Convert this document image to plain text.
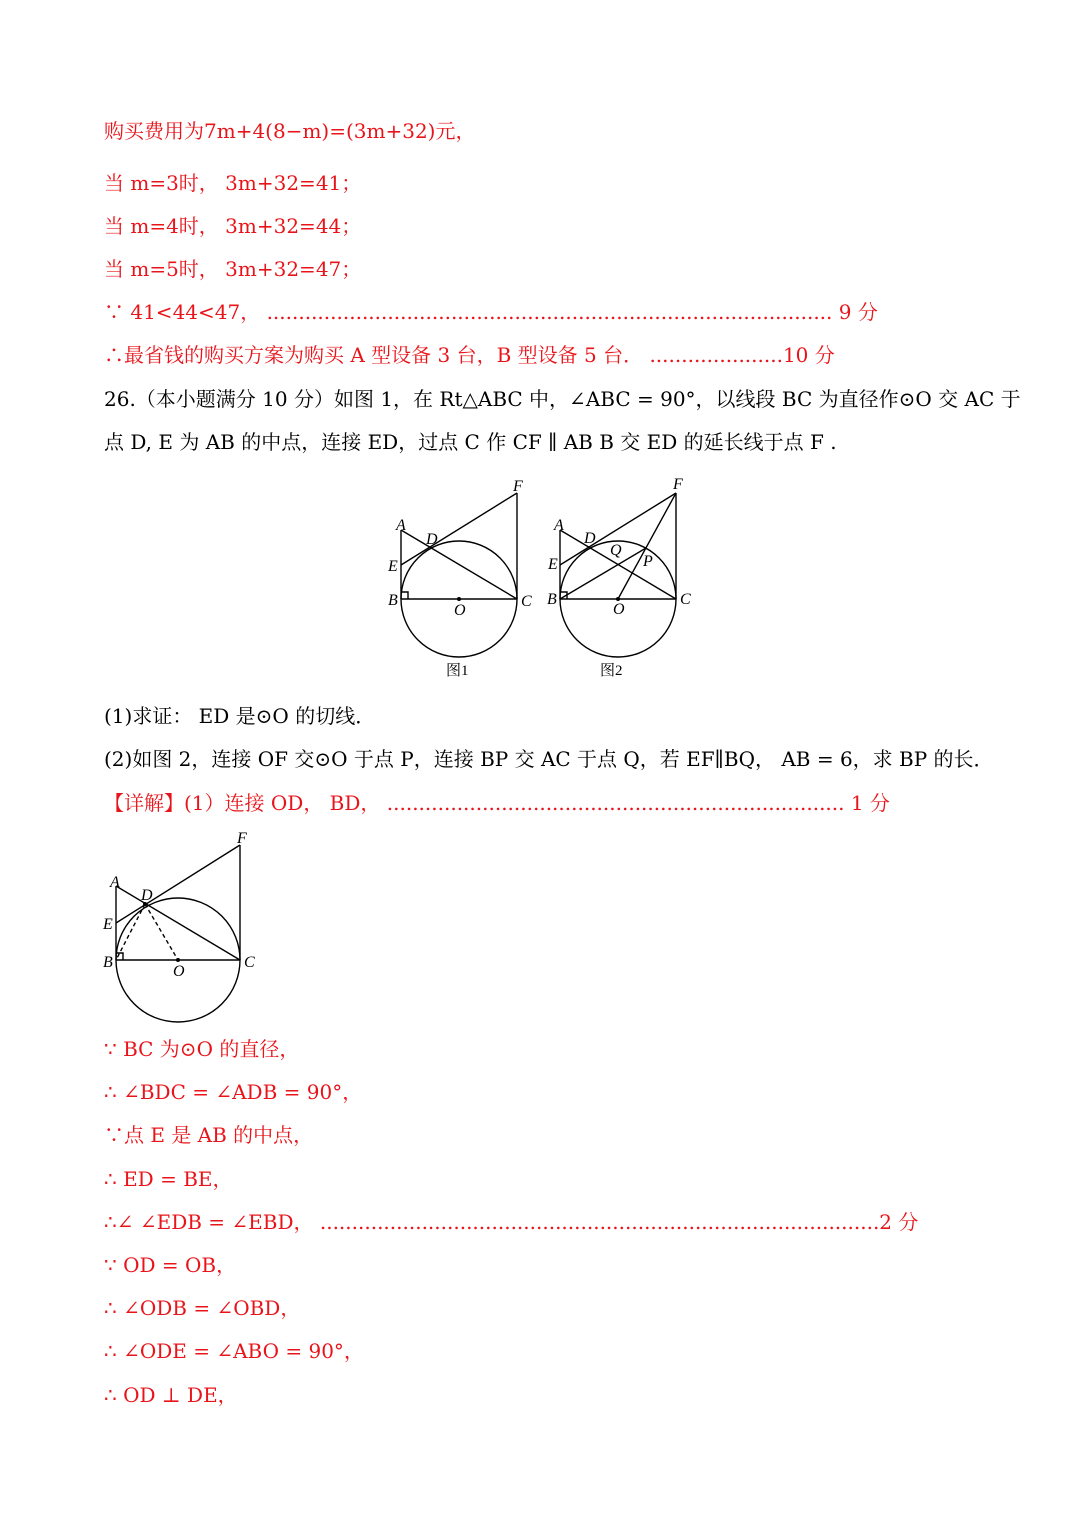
购买费用为7m+4(8−m)=(3m+32)元，
当 m=3时， 3m+32=41；
当 m=4时， 3m+32=44；
当 m=5时， 3m+32=47；
∵ 41<44<47， ......................................................................................... 9 分
∴最省钱的购买方案为购买 A 型设备 3 台，B 型设备 5 台． .....................10 分
26.（本小题满分 10 分）如图 1，在 Rt△ABC 中，∠ABC = 90°，以线段 BC 为直径作⊙O 交 AC 于
点 D, E 为 AB 的中点，连接 ED，过点 C 作 CF ∥ AB B 交 ED 的延长线于点 F .
F
A
D
E
B
O
C
图1
F
A
D
Q
P
E
B
O
C
图2
(1)求证： ED 是⊙O 的切线．
(2)如图 2，连接 OF 交⊙O 于点 P，连接 BP 交 AC 于点 Q，若 EF∥BQ， AB = 6，求 BP 的长．
【详解】(1）连接 OD， BD， ........................................................................ 1 分
F
A
D
E
B
O
C
∵ BC 为⊙O 的直径，
∴ ∠BDC = ∠ADB = 90°，
∵点 E 是 AB 的中点，
∴ ED = BE，
∴∠ ∠EDB = ∠EBD， ........................................................................................2 分
∵ OD = OB，
∴ ∠ODB = ∠OBD，
∴ ∠ODE = ∠ABO = 90°，
∴ OD ⊥ DE，
